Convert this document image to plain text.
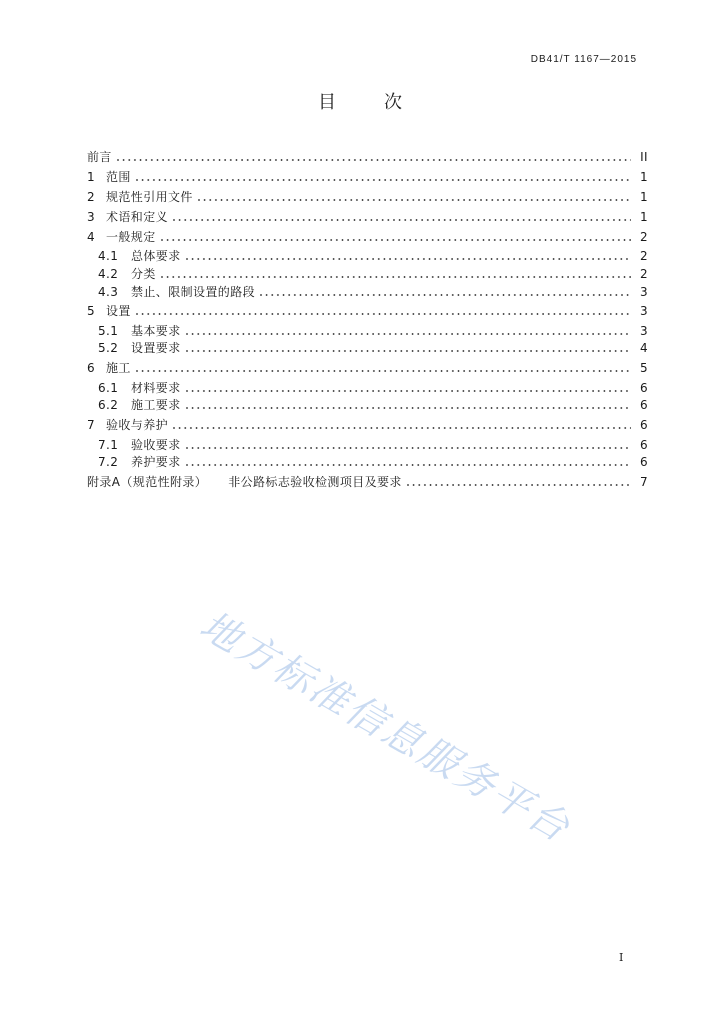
DB41/T 1167—2015
目　　次
前言	II
1 范围	1
2 规范性引用文件	1
3 术语和定义	1
4 一般规定	2
4.1	总体要求	2
4.2	分类	2
4.3	禁止、限制设置的路段	3
5 设置	3
5.1	基本要求	3
5.2	设置要求	4
6 施工	5
6.1	材料要求	6
6.2	施工要求	6
7 验收与养护	6
7.1	验收要求	6
7.2	养护要求	6
附录A（规范性附录） 非公路标志验收检测项目及要求	7
地方标准信息服务平台
I
